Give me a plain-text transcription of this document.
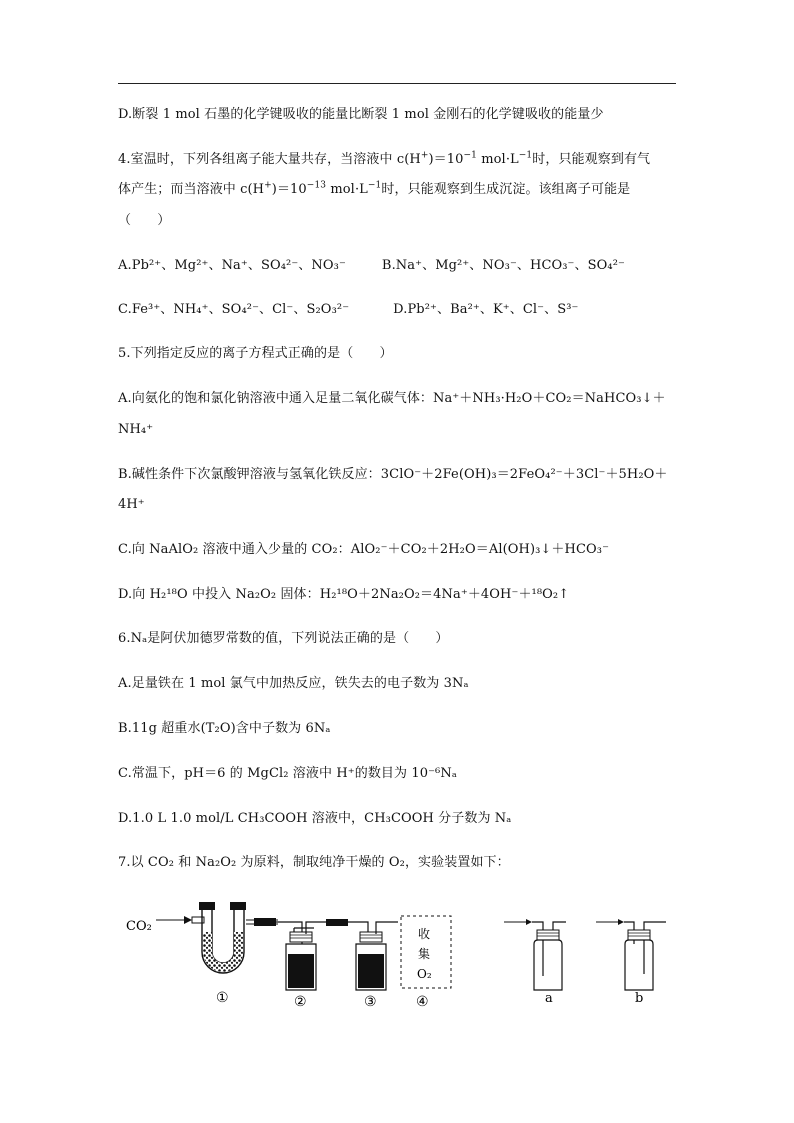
D.断裂 1 mol 石墨的化学键吸收的能量比断裂 1 mol 金刚石的化学键吸收的能量少
4.室温时，下列各组离子能大量共存，当溶液中 $c(H^+)=10^{-1}$ $mol\cdot L^{-1}$时，只能观察到有气
体产生；而当溶液中 $c(H^+)=10^{-13}$ $mol\cdot L^{-1}$时，只能观察到生成沉淀。该组离子可能是
（　　）
A.Pb²⁺、Mg²⁺、Na⁺、SO₄²⁻、NO₃⁻	B.Na⁺、Mg²⁺、NO₃⁻、HCO₃⁻、SO₄²⁻
C.Fe³⁺、NH₄⁺、SO₄²⁻、Cl⁻、S₂O₃²⁻	D.Pb²⁺、Ba²⁺、K⁺、Cl⁻、S³⁻
5.下列指定反应的离子方程式正确的是（　　）
A.向氨化的饱和氯化钠溶液中通入足量二氧化碳气体：Na⁺＋NH₃·H₂O＋CO₂＝NaHCO₃↓＋
NH₄⁺
B.碱性条件下次氯酸钾溶液与氢氧化铁反应：3ClO⁻＋2Fe(OH)₃＝2FeO₄²⁻＋3Cl⁻＋5H₂O＋
4H⁺
C.向 NaAlO₂ 溶液中通入少量的 CO₂：AlO₂⁻＋CO₂＋2H₂O＝Al(OH)₃↓＋HCO₃⁻
D.向 H₂¹⁸O 中投入 Na₂O₂ 固体：H₂¹⁸O＋2Na₂O₂＝4Na⁺＋4OH⁻＋¹⁸O₂↑
6.Nₐ是阿伏加德罗常数的值，下列说法正确的是（　　）
A.足量铁在 1 mol 氯气中加热反应，铁失去的电子数为 3Nₐ
B.11g 超重水(T₂O)含中子数为 6Nₐ
C.常温下，pH＝6 的 MgCl₂ 溶液中 H⁺的数目为 10⁻⁶Nₐ
D.1.0 L 1.0 mol/L CH₃COOH 溶液中，CH₃COOH 分子数为 Nₐ
7.以 CO₂ 和 Na₂O₂ 为原料，制取纯净干燥的 O₂，实验装置如下：
CO₂
①	②	③
收
集
O₂
④	a	b
